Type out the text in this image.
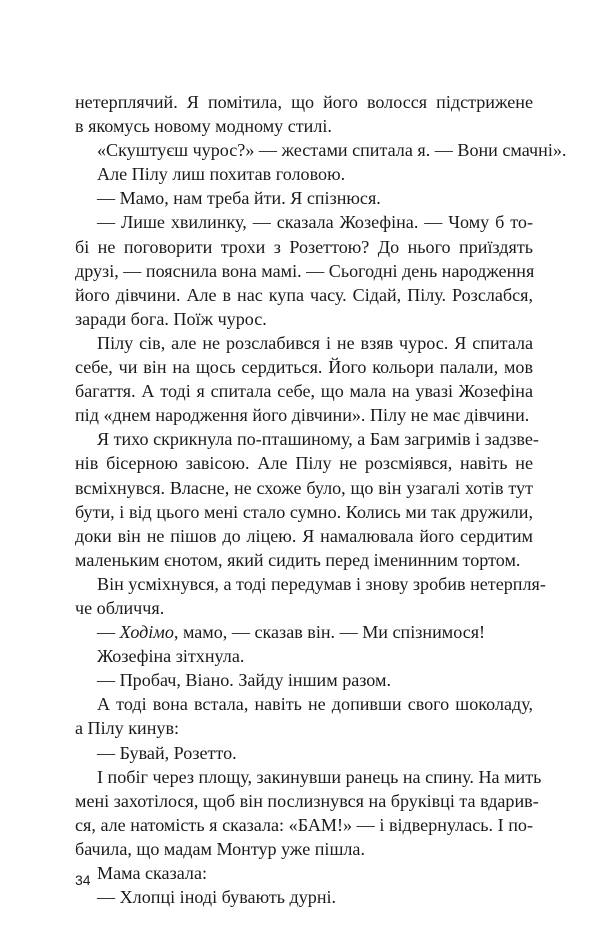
нетерплячий. Я помітила, що його волосся підстрижене
в якомусь новому модному стилі.
«Скуштуєш чурос?» — жестами спитала я. — Вони смачні».
Але Пілу лиш похитав головою.
— Мамо, нам треба йти. Я спізнюся.
— Лише хвилинку, — сказала Жозефіна. — Чому б то-
бі не поговорити трохи з Розеттою? До нього приїздять
друзі, — пояснила вона мамі. — Сьогодні день народження
його дівчини. Але в нас купа часу. Сідай, Пілу. Розслабся,
заради бога. Поїж чурос.
Пілу сів, але не розслабився і не взяв чурос. Я спитала
себе, чи він на щось сердиться. Його кольори палали, мов
багаття. А тоді я спитала себе, що мала на увазі Жозефіна
під «днем народження його дівчини». Пілу не має дівчини.
Я тихо скрикнула по-пташиному, а Бам загримів і задзве-
нів бісерною завісою. Але Пілу не розсміявся, навіть не
всміхнувся. Власне, не схоже було, що він узагалі хотів тут
бути, і від цього мені стало сумно. Колись ми так дружили,
доки він не пішов до ліцею. Я намалювала його сердитим
маленьким єнотом, який сидить перед іменинним тортом.
Він усміхнувся, а тоді передумав і знову зробив нетерпля-
че обличчя.
— Ходімо, мамо, — сказав він. — Ми спізнимося!
Жозефіна зітхнула.
— Пробач, Віано. Зайду іншим разом.
А тоді вона встала, навіть не допивши свого шоколаду,
а Пілу кинув:
— Бувай, Розетто.
І побіг через площу, закинувши ранець на спину. На мить
мені захотілося, щоб він послизнувся на бруківці та вдарив-
ся, але натомість я сказала: «БАМ!» — і відвернулась. І по-
бачила, що мадам Монтур уже пішла.
Мама сказала:
— Хлопці іноді бувають дурні.
34
